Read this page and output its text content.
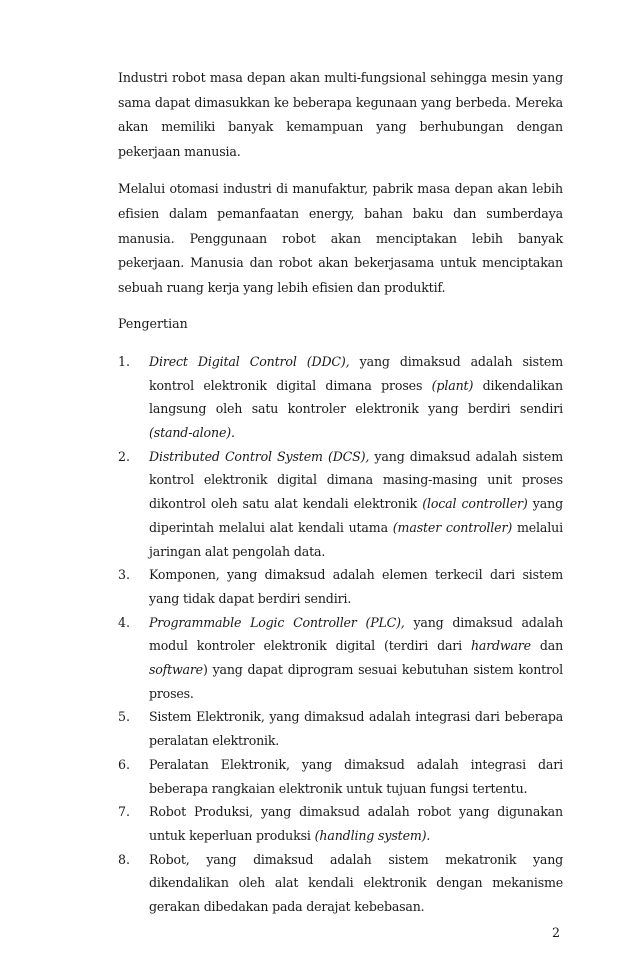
Industri robot masa depan akan multi-fungsional sehingga mesin yang sama dapat dimasukkan ke beberapa kegunaan yang berbeda. Mereka akan memiliki banyak kemampuan yang berhubungan dengan pekerjaan manusia.

Melalui otomasi industri di manufaktur, pabrik masa depan akan lebih efisien dalam pemanfaatan energy, bahan baku dan sumberdaya manusia. Penggunaan robot akan menciptakan lebih banyak pekerjaan. Manusia dan robot akan bekerjasama untuk menciptakan sebuah ruang kerja yang lebih efisien dan produktif.

Pengertian

1. Direct Digital Control (DDC), yang dimaksud adalah sistem kontrol elektronik digital dimana proses (plant) dikendalikan langsung oleh satu kontroler elektronik yang berdiri sendiri (stand-alone).
2. Distributed Control System (DCS), yang dimaksud adalah sistem kontrol elektronik digital dimana masing-masing unit proses dikontrol oleh satu alat kendali elektronik (local controller) yang diperintah melalui alat kendali utama (master controller) melalui jaringan alat pengolah data.
3. Komponen, yang dimaksud adalah elemen terkecil dari sistem yang tidak dapat berdiri sendiri.
4. Programmable Logic Controller (PLC), yang dimaksud adalah modul kontroler elektronik digital (terdiri dari hardware dan software) yang dapat diprogram sesuai kebutuhan sistem kontrol proses.
5. Sistem Elektronik, yang dimaksud adalah integrasi dari beberapa peralatan elektronik.
6. Peralatan Elektronik, yang dimaksud adalah integrasi dari beberapa rangkaian elektronik untuk tujuan fungsi tertentu.
7. Robot Produksi, yang dimaksud adalah robot yang digunakan untuk keperluan produksi (handling system).
8. Robot, yang dimaksud adalah sistem mekatronik yang dikendalikan oleh alat kendali elektronik dengan mekanisme gerakan dibedakan pada derajat kebebasan.
2
